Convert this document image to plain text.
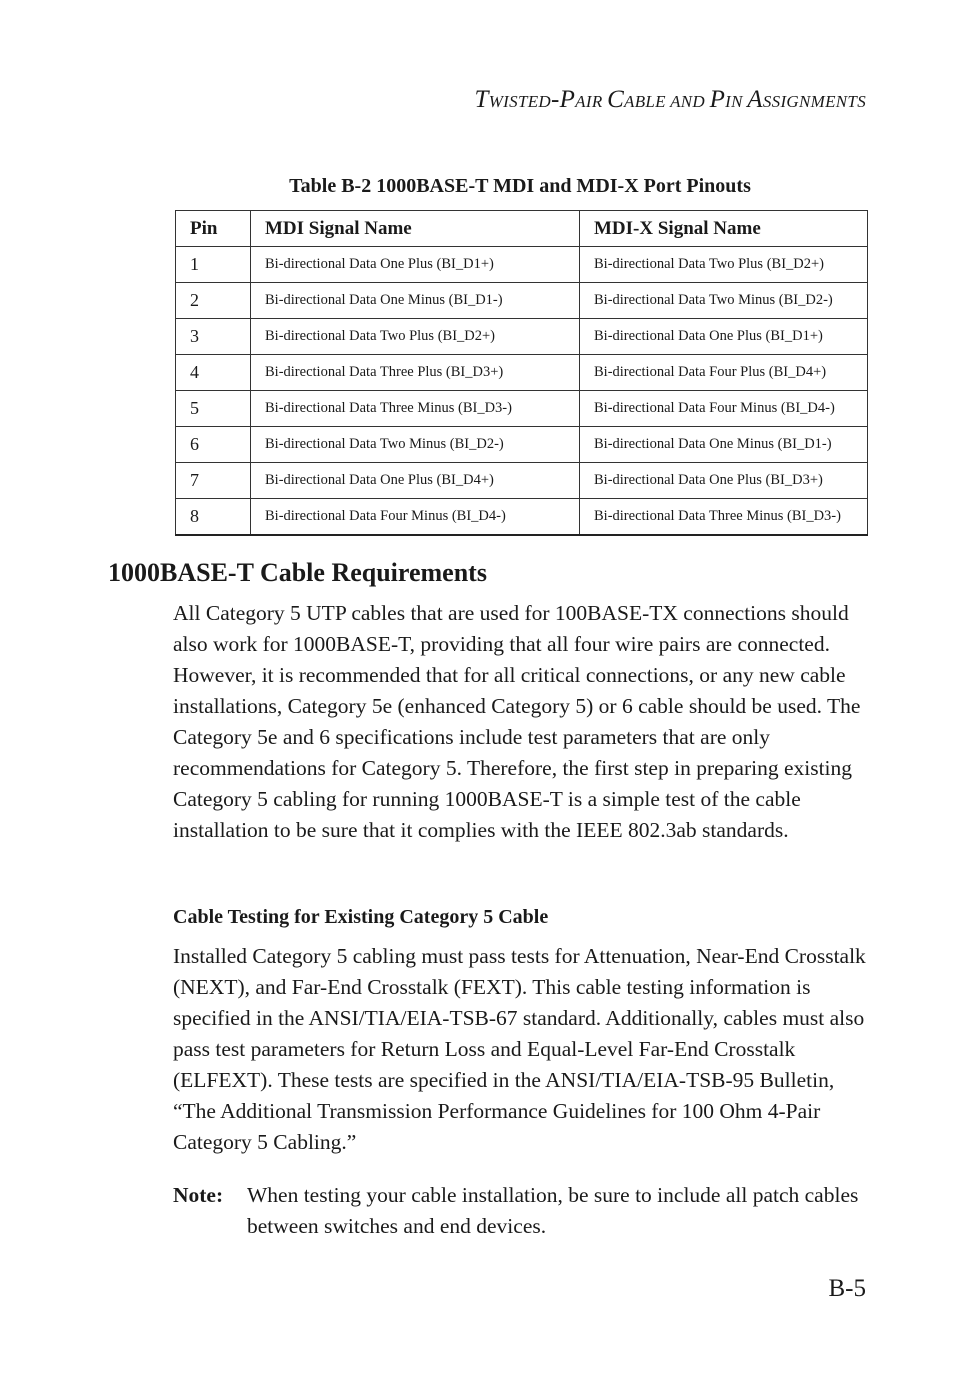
TWISTED-PAIR CABLE AND PIN ASSIGNMENTS
Table B-2 1000BASE-T MDI and MDI-X Port Pinouts
Pin	MDI Signal Name	MDI-X Signal Name
1	Bi-directional Data One Plus (BI_D1+)	Bi-directional Data Two Plus (BI_D2+)
2	Bi-directional Data One Minus (BI_D1-)	Bi-directional Data Two Minus (BI_D2-)
3	Bi-directional Data Two Plus (BI_D2+)	Bi-directional Data One Plus (BI_D1+)
4	Bi-directional Data Three Plus (BI_D3+)	Bi-directional Data Four Plus (BI_D4+)
5	Bi-directional Data Three Minus (BI_D3-)	Bi-directional Data Four Minus (BI_D4-)
6	Bi-directional Data Two Minus (BI_D2-)	Bi-directional Data One Minus (BI_D1-)
7	Bi-directional Data One Plus (BI_D4+)	Bi-directional Data One Plus (BI_D3+)
8	Bi-directional Data Four Minus (BI_D4-)	Bi-directional Data Three Minus (BI_D3-)
1000BASE-T Cable Requirements

All Category 5 UTP cables that are used for 100BASE-TX connections should also work for 1000BASE-T, providing that all four wire pairs are connected. However, it is recommended that for all critical connections, or any new cable installations, Category 5e (enhanced Category 5) or 6 cable should be used. The Category 5e and 6 specifications include test parameters that are only recommendations for Category 5. Therefore, the first step in preparing existing Category 5 cabling for running 1000BASE-T is a simple test of the cable installation to be sure that it complies with the IEEE 802.3ab standards.

Cable Testing for Existing Category 5 Cable

Installed Category 5 cabling must pass tests for Attenuation, Near-End Crosstalk (NEXT), and Far-End Crosstalk (FEXT). This cable testing information is specified in the ANSI/TIA/EIA-TSB-67 standard. Additionally, cables must also pass test parameters for Return Loss and Equal-Level Far-End Crosstalk (ELFEXT). These tests are specified in the ANSI/TIA/EIA-TSB-95 Bulletin, “The Additional Transmission Performance Guidelines for 100 Ohm 4-Pair Category 5 Cabling.”

Note: When testing your cable installation, be sure to include all patch cables between switches and end devices.
B-5
